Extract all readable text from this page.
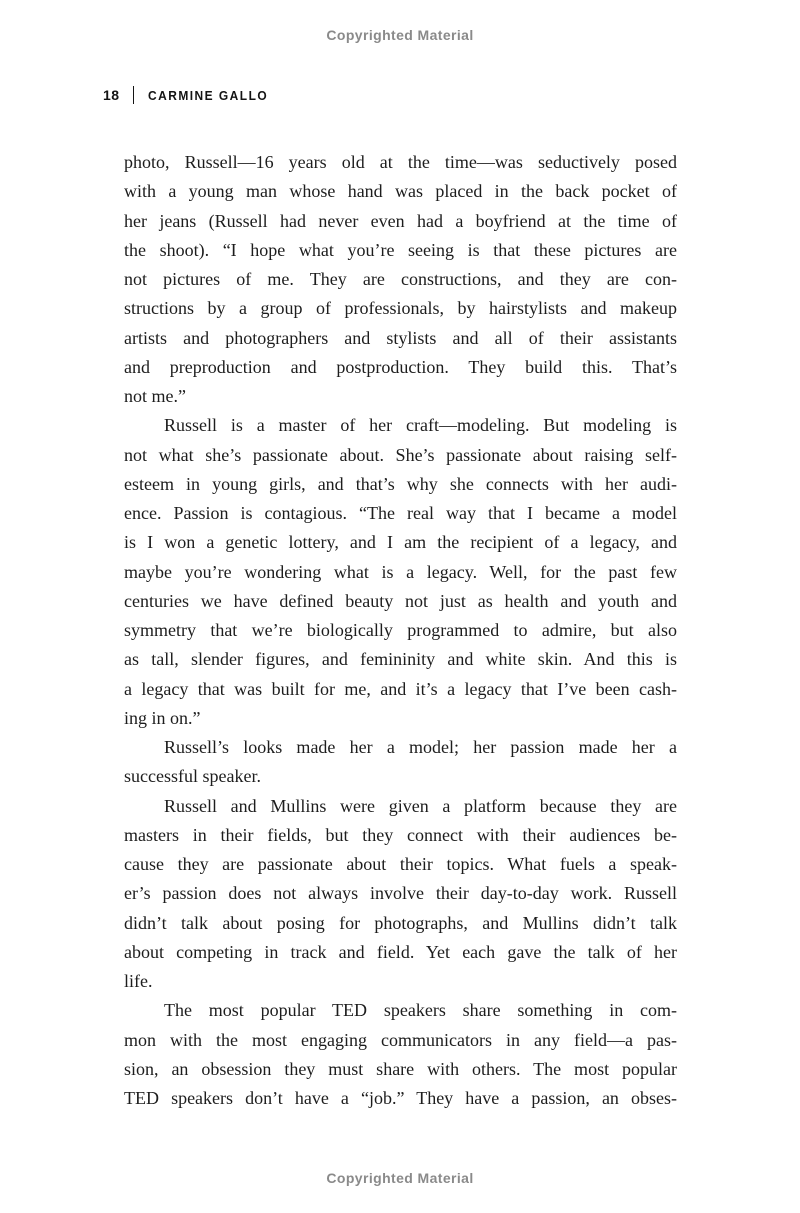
Copyrighted Material
18 CARMINE GALLO
photo, Russell—16 years old at the time—was seductively posed
with a young man whose hand was placed in the back pocket of
her jeans (Russell had never even had a boyfriend at the time of
the shoot). “I hope what you’re seeing is that these pictures are
not pictures of me. They are constructions, and they are con-
structions by a group of professionals, by hairstylists and makeup
artists and photographers and stylists and all of their assistants
and preproduction and postproduction. They build this. That’s
not me.”
Russell is a master of her craft—modeling. But modeling is
not what she’s passionate about. She’s passionate about raising self-
esteem in young girls, and that’s why she connects with her audi-
ence. Passion is contagious. “The real way that I became a model
is I won a genetic lottery, and I am the recipient of a legacy, and
maybe you’re wondering what is a legacy. Well, for the past few
centuries we have defined beauty not just as health and youth and
symmetry that we’re biologically programmed to admire, but also
as tall, slender figures, and femininity and white skin. And this is
a legacy that was built for me, and it’s a legacy that I’ve been cash-
ing in on.”
Russell’s looks made her a model; her passion made her a
successful speaker.
Russell and Mullins were given a platform because they are
masters in their fields, but they connect with their audiences be-
cause they are passionate about their topics. What fuels a speak-
er’s passion does not always involve their day-to-day work. Russell
didn’t talk about posing for photographs, and Mullins didn’t talk
about competing in track and field. Yet each gave the talk of her
life.
The most popular TED speakers share something in com-
mon with the most engaging communicators in any field—a pas-
sion, an obsession they must share with others. The most popular
TED speakers don’t have a “job.” They have a passion, an obses-
Copyrighted Material
